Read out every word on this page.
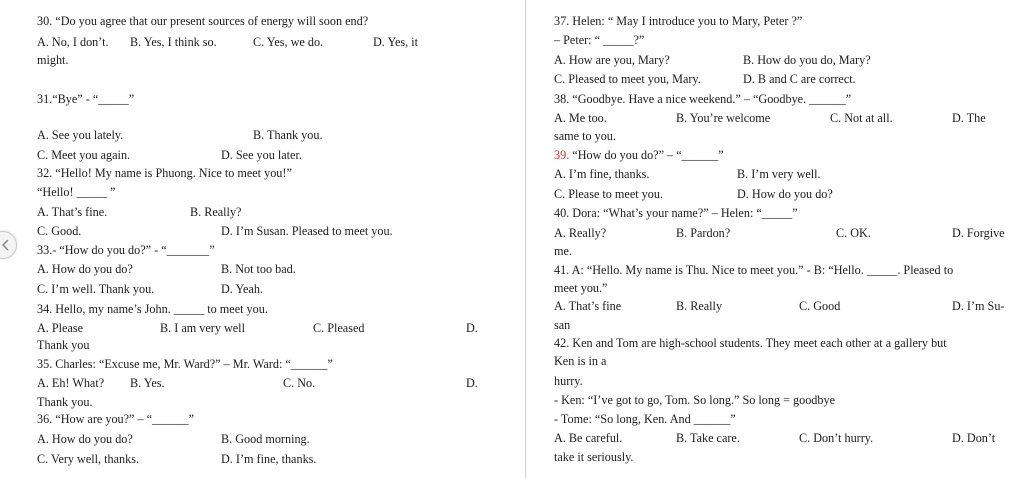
30. “Do you agree that our present sources of energy will soon end?
A. No, I don’t. B. Yes, I think so.	C. Yes, we do.	D. Yes, it
might.
31.“Bye” - “_____”
A. See you lately.	B. Thank you.
C. Meet you again.	D. See you later.
32. “Hello! My name is Phuong. Nice to meet you!”
“Hello! _____ ”
A. That’s fine.	B. Really?
C. Good.	D. I’m Susan. Pleased to meet you.
33.- “How do you do?” - “_______”
A. How do you do?	B. Not too bad.
C. I’m well. Thank you.	D. Yeah.
34. Hello, my name’s John. _____ to meet you.
A. Please	B. I am very well	C. Pleased	D.
Thank you
35. Charles: “Excuse me, Mr. Ward?” – Mr. Ward: “______”
A. Eh! What? B. Yes.	C. No.	D.
Thank you.
36. “How are you?” – “______”
A. How do you do?	B. Good morning.
C. Very well, thanks.	D. I’m fine, thanks.
37. Helen: “ May I introduce you to Mary, Peter ?”
– Peter: “ _____?”
A. How are you, Mary?	B. How do you do, Mary?
C. Pleased to meet you, Mary.	D. B and C are correct.
38. “Goodbye. Have a nice weekend.” – “Goodbye. ______”
A. Me too.	B. You’re welcome	C. Not at all.	D. The
same to you.
39. “How do you do?” – “______”
A. I’m fine, thanks.	B. I’m very well.
C. Please to meet you.	D. How do you do?
40. Dora: “What’s your name?” – Helen: “_____”
A. Really?	B. Pardon?	C. OK.	D. Forgive
me.
41. A: “Hello. My name is Thu. Nice to meet you.” - B: “Hello. _____. Pleased to
meet you.”
A. That’s fine	B. Really	C. Good	D. I’m Su-
san
42. Ken and Tom are high-school students. They meet each other at a gallery but
Ken is in a
hurry.
- Ken: “I’ve got to go, Tom. So long.” So long = goodbye
- Tome: “So long, Ken. And ______”
A. Be careful.	B. Take care.	C. Don’t hurry.	D. Don’t
take it seriously.
